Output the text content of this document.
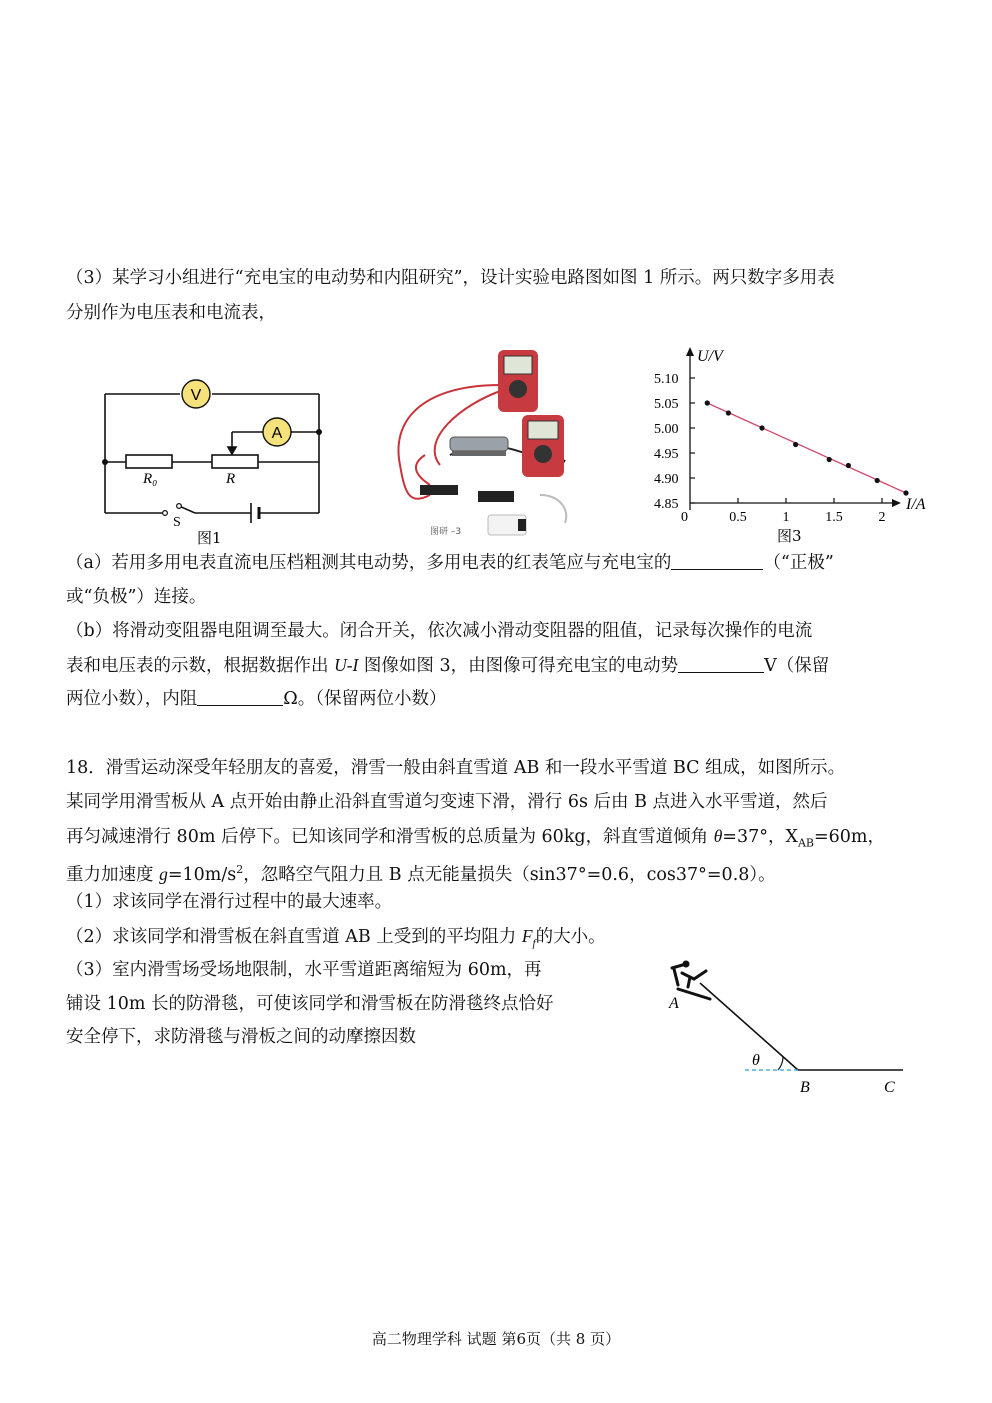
（3）某学习小组进行“充电宝的电动势和内阻研究”，设计实验电路图如图 1 所示。两只数字多用表
分别作为电压表和电流表，
V
A
R₀	R
S
图1	图研 –3
5.10
5.05
5.00
4.95
4.90
4.85
0.5	1	1.5	2
U/V
I/A
0
图3
（a）若用多用电表直流电压档粗测其电动势，多用电表的红表笔应与充电宝的	（“正极”
或“负极”）连接。
（b）将滑动变阻器电阻调至最大。闭合开关，依次减小滑动变阻器的阻值，记录每次操作的电流
表和电压表的示数，根据数据作出 U-I 图像如图 3，由图像可得充电宝的电动势	V（保留
两位小数），内阻	Ω。（保留两位小数）
18．滑雪运动深受年轻朋友的喜爱，滑雪一般由斜直雪道 AB 和一段水平雪道 BC 组成，如图所示。
某同学用滑雪板从 A 点开始由静止沿斜直雪道匀变速下滑，滑行 6s 后由 B 点进入水平雪道，然后
再匀减速滑行 80m 后停下。已知该同学和滑雪板的总质量为 60kg，斜直雪道倾角 θ=37°，$X_{AB}=60m$，
重力加速度 $g=10m/s^2$，忽略空气阻力且 B 点无能量损失（sin37°=0.6，cos37°=0.8）。
（1）求该同学在滑行过程中的最大速率。
（2）求该同学和滑雪板在斜直雪道 AB 上受到的平均阻力 $F_f$的大小。
（3）室内滑雪场受场地限制，水平雪道距离缩短为 60m，再
铺设 10m 长的防滑毯，可使该同学和滑雪板在防滑毯终点恰好
安全停下，求防滑毯与滑板之间的动摩擦因数
θ
A
B	C
高二物理学科 试题 第6页（共 8 页）
